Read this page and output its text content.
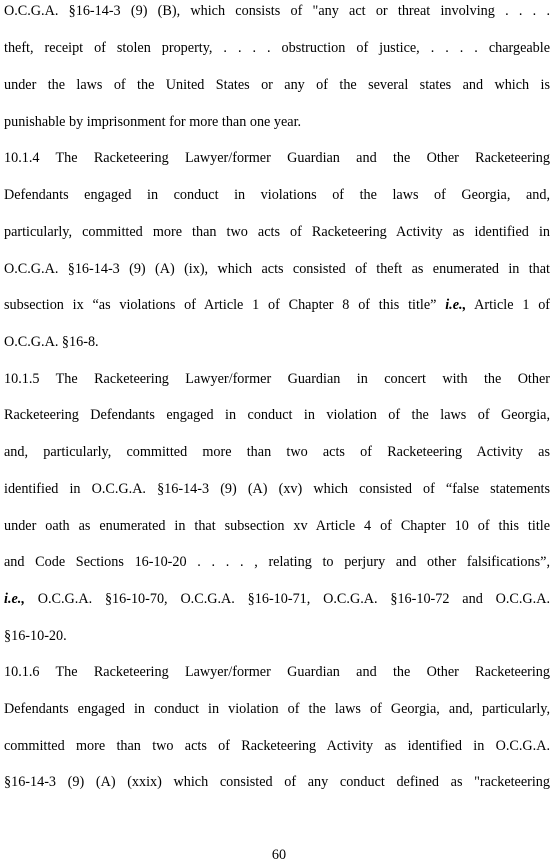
O.C.G.A. §16-14-3 (9) (B), which consists of "any act or threat involving . . . .
theft, receipt of stolen property, . . . . obstruction of justice, . . . . chargeable
under the laws of the United States or any of the several states and which is
punishable by imprisonment for more than one year.
10.1.4 The Racketeering Lawyer/former Guardian and the Other Racketeering
Defendants engaged in conduct in violations of the laws of Georgia, and,
particularly, committed more than two acts of Racketeering Activity as identified in
O.C.G.A. §16-14-3 (9) (A) (ix), which acts consisted of theft as enumerated in that
subsection ix “as violations of Article 1 of Chapter 8 of this title” i.e., Article 1 of
O.C.G.A. §16-8.
10.1.5 The Racketeering Lawyer/former Guardian in concert with the Other
Racketeering Defendants engaged in conduct in violation of the laws of Georgia,
and, particularly, committed more than two acts of Racketeering Activity as
identified in O.C.G.A. §16-14-3 (9) (A) (xv) which consisted of “false statements
under oath as enumerated in that subsection xv Article 4 of Chapter 10 of this title
and Code Sections 16-10-20 . . . . , relating to perjury and other falsifications”,
i.e., O.C.G.A. §16-10-70, O.C.G.A. §16-10-71, O.C.G.A. §16-10-72 and O.C.G.A.
§16-10-20.
10.1.6 The Racketeering Lawyer/former Guardian and the Other Racketeering
Defendants engaged in conduct in violation of the laws of Georgia, and, particularly,
committed more than two acts of Racketeering Activity as identified in O.C.G.A.
§16-14-3 (9) (A) (xxix) which consisted of any conduct defined as "racketeering
60
